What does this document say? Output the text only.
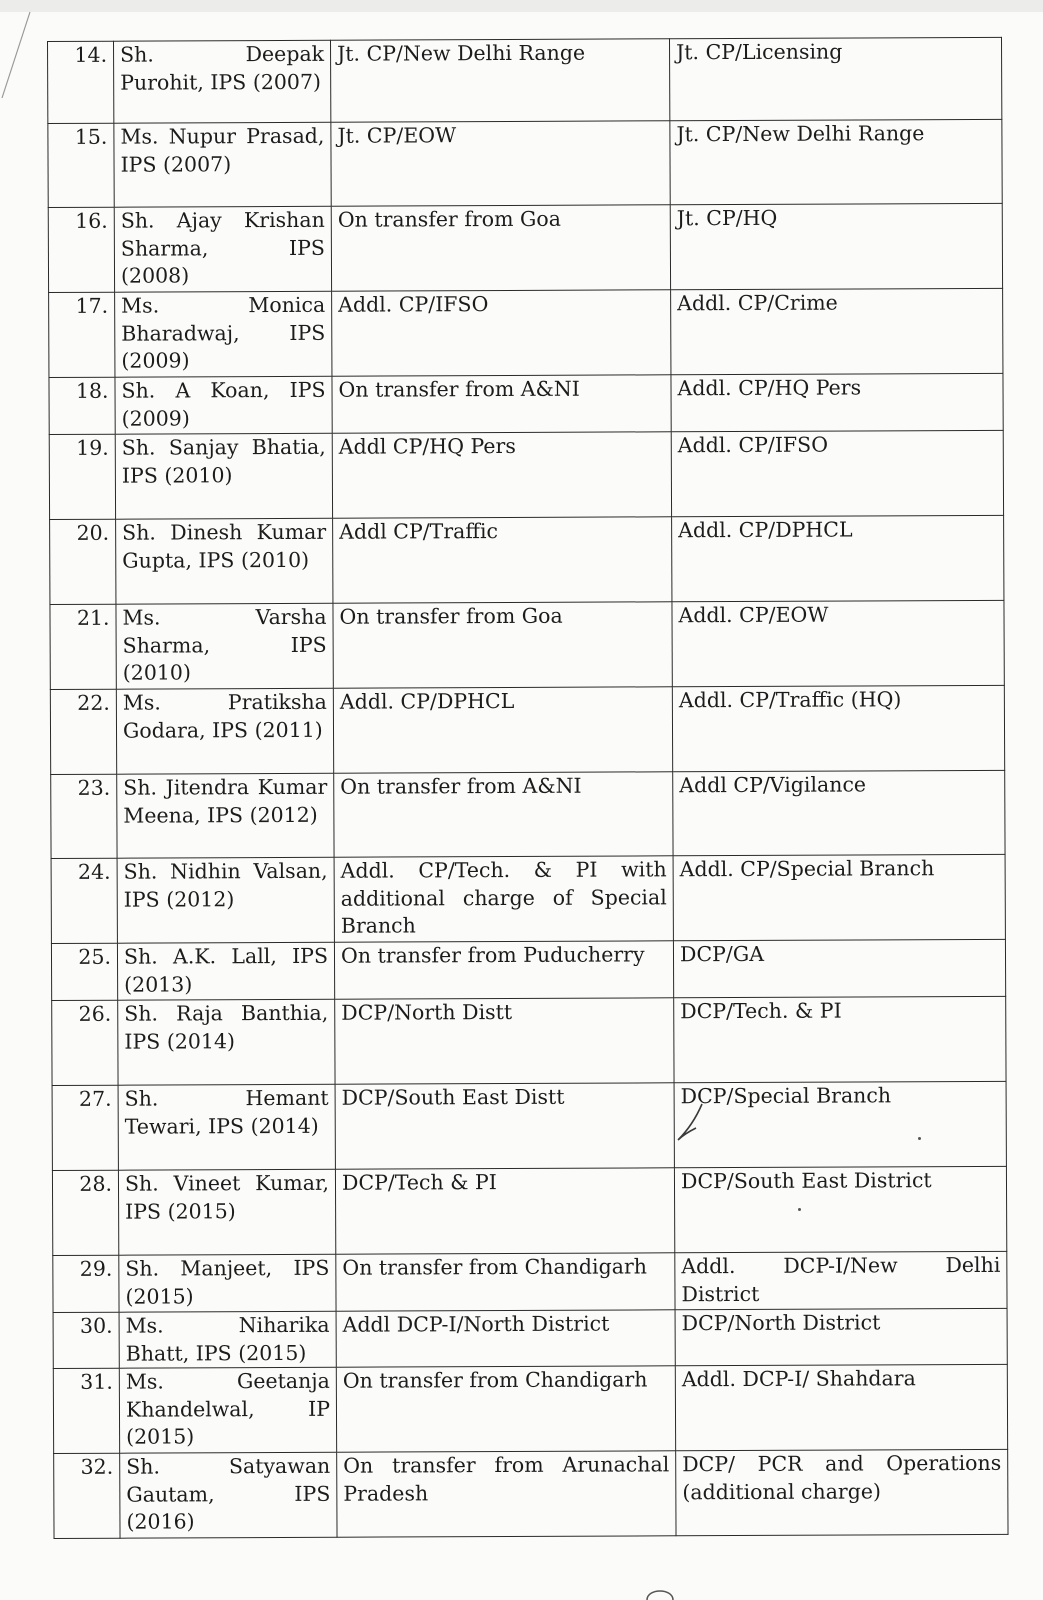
14.	Sh. Deepak Purohit, IPS (2007)	Jt. CP/New Delhi Range	Jt. CP/Licensing
15.	Ms. Nupur Prasad, IPS (2007)	Jt. CP/EOW	Jt. CP/New Delhi Range
16.	Sh. Ajay Krishan Sharma, IPS (2008)	On transfer from Goa	Jt. CP/HQ
17.	Ms. Monica Bharadwaj, IPS (2009)	Addl. CP/IFSO	Addl. CP/Crime
18.	Sh. A Koan, IPS (2009)	On transfer from A&NI	Addl. CP/HQ Pers
19.	Sh. Sanjay Bhatia, IPS (2010)	Addl CP/HQ Pers	Addl. CP/IFSO
20.	Sh. Dinesh Kumar Gupta, IPS (2010)	Addl CP/Traffic	Addl. CP/DPHCL
21.	Ms. Varsha Sharma, IPS (2010)	On transfer from Goa	Addl. CP/EOW
22.	Ms. Pratiksha Godara, IPS (2011)	Addl. CP/DPHCL	Addl. CP/Traffic (HQ)
23.	Sh. Jitendra Kumar Meena, IPS (2012)	On transfer from A&NI	Addl CP/Vigilance
24.	Sh. Nidhin Valsan, IPS (2012)	Addl. CP/Tech. & PI with additional charge of Special Branch	Addl. CP/Special Branch
25.	Sh. A.K. Lall, IPS (2013)	On transfer from Puducherry	DCP/GA
26.	Sh. Raja Banthia, IPS (2014)	DCP/North Distt	DCP/Tech. & PI
27.	Sh. Hemant Tewari, IPS (2014)	DCP/South East Distt	DCP/Special Branch
28.	Sh. Vineet Kumar, IPS (2015)	DCP/Tech & PI	DCP/South East District
29.	Sh. Manjeet, IPS (2015)	On transfer from Chandigarh	Addl. DCP-I/New Delhi District
30.	Ms. Niharika Bhatt, IPS (2015)	Addl DCP-I/North District	DCP/North District
31.	Ms. Geetanja Khandelwal, IP (2015)	On transfer from Chandigarh	Addl. DCP-I/ Shahdara
32.	Sh. Satyawan Gautam, IPS (2016)	On transfer from Arunachal Pradesh	DCP/ PCR and Operations (additional charge)
